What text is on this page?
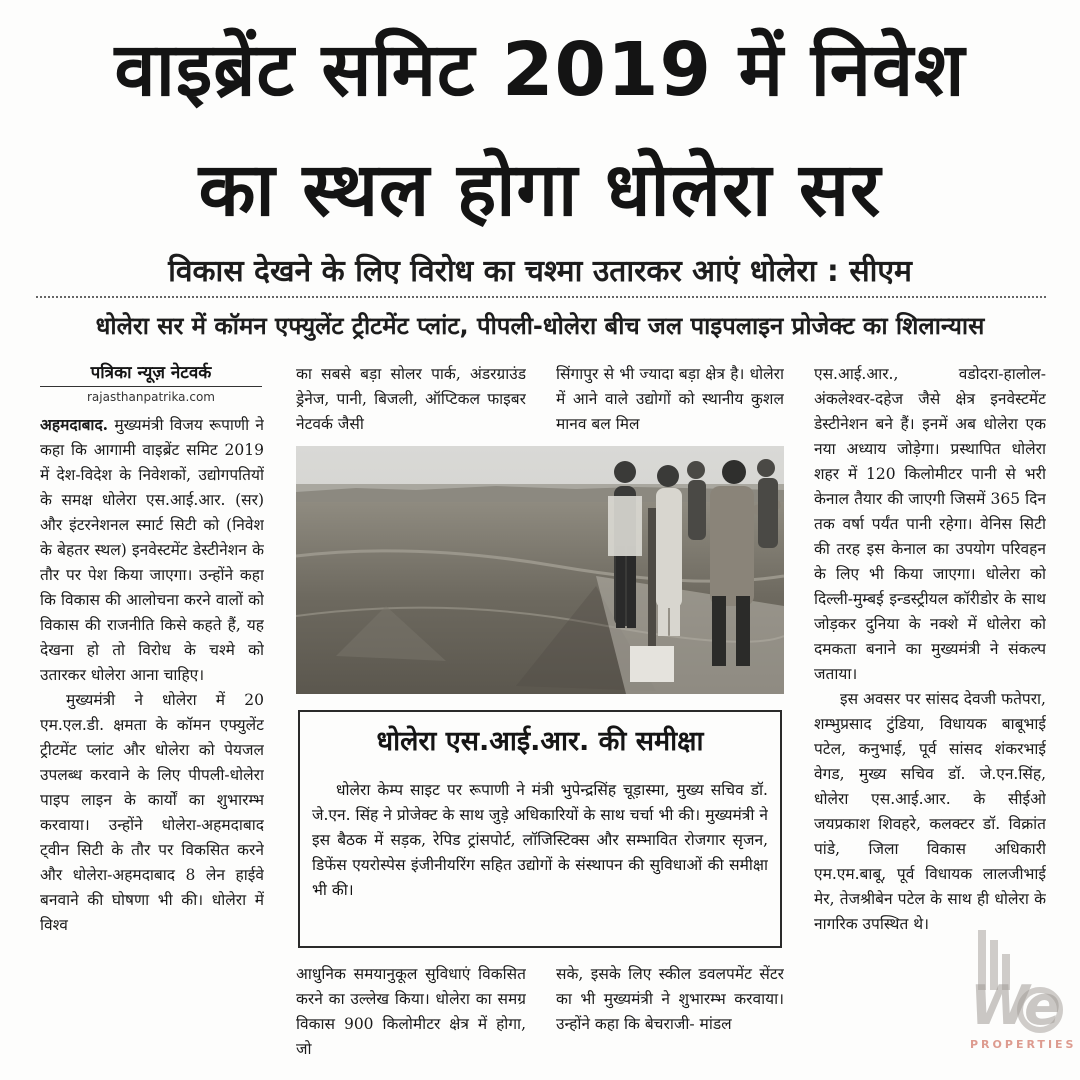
वाइब्रेंट समिट 2019 में निवेश
का स्थल होगा धोलेरा सर
विकास देखने के लिए विरोध का चश्मा उतारकर आएं धोलेरा : सीएम
धोलेरा सर में कॉमन एफ्युलेंट ट्रीटमेंट प्लांट, पीपली-धोलेरा बीच जल पाइपलाइन प्रोजेक्ट का शिलान्यास
पत्रिका न्यूज़ नेटवर्क
rajasthanpatrika.com

अहमदाबाद. मुख्यमंत्री विजय रूपाणी ने कहा कि आगामी वाइब्रेंट समिट 2019 में देश-विदेश के निवेशकों, उद्योगपतियों के समक्ष धोलेरा एस.आई.आर. (सर) और इंटरनेशनल स्मार्ट सिटी को (निवेश के बेहतर स्थल) इनवेस्टमेंट डेस्टीनेशन के तौर पर पेश किया जाएगा। उन्होंने कहा कि विकास की आलोचना करने वालों को विकास की राजनीति किसे कहते हैं, यह देखना हो तो विरोध के चश्मे को उतारकर धोलेरा आना चाहिए।

मुख्यमंत्री ने धोलेरा में 20 एम.एल.डी. क्षमता के कॉमन एफ्युलेंट ट्रीटमेंट प्लांट और धोलेरा को पेयजल उपलब्ध करवाने के लिए पीपली-धोलेरा पाइप लाइन के कार्यों का शुभारम्भ करवाया। उन्होंने धोलेरा-अहमदाबाद ट्वीन सिटी के तौर पर विकसित करने और धोलेरा-अहमदाबाद 8 लेन हाईवे बनवाने की घोषणा भी की। धोलेरा में विश्व

का सबसे बड़ा सोलर पार्क, अंडरग्राउंड ड्रेनेज, पानी, बिजली, ऑप्टिकल फाइबर नेटवर्क जैसी
सिंगापुर से भी ज्यादा बड़ा क्षेत्र है। धोलेरा में आने वाले उद्योगों को स्थानीय कुशल मानव बल मिल
धोलेरा एस.आई.आर. की समीक्षा
धोलेरा केम्प साइट पर रूपाणी ने मंत्री भुपेन्द्रसिंह चूड़ास्मा, मुख्य सचिव डॉ. जे.एन. सिंह ने प्रोजेक्ट के साथ जुड़े अधिकारियों के साथ चर्चा भी की। मुख्यमंत्री ने इस बैठक में सड़क, रेपिड ट्रांसपोर्ट, लॉजिस्टिक्स और सम्भावित रोजगार सृजन, डिफेंस एयरोस्पेस इंजीनीयरिंग सहित उद्योगों के संस्थापन की सुविधाओं की समीक्षा भी की।
आधुनिक समयानुकूल सुविधाएं विकसित करने का उल्लेख किया। धोलेरा का समग्र विकास 900 किलोमीटर क्षेत्र में होगा, जो
सके, इसके लिए स्कील डवलपमेंट सेंटर का भी मुख्यमंत्री ने शुभारम्भ करवाया। उन्होंने कहा कि बेचराजी- मांडल

एस.आई.आर., वडोदरा-हालोल-अंकलेश्वर-दहेज जैसे क्षेत्र इनवेस्टमेंट डेस्टीनेशन बने हैं। इनमें अब धोलेरा एक नया अध्याय जोड़ेगा। प्रस्थापित धोलेरा शहर में 120 किलोमीटर पानी से भरी केनाल तैयार की जाएगी जिसमें 365 दिन तक वर्षा पर्यंत पानी रहेगा। वेनिस सिटी की तरह इस केनाल का उपयोग परिवहन के लिए भी किया जाएगा। धोलेरा को दिल्ली-मुम्बई इन्डस्ट्रीयल कॉरीडोर के साथ जोड़कर दुनिया के नक्शे में धोलेरा को दमकता बनाने का मुख्यमंत्री ने संकल्प जताया।

इस अवसर पर सांसद देवजी फतेपरा, शम्भुप्रसाद टुंडिया, विधायक बाबूभाई पटेल, कनुभाई, पूर्व सांसद शंकरभाई वेगड, मुख्य सचिव डॉ. जे.एन.सिंह, धोलेरा एस.आई.आर. के सीईओ जयप्रकाश शिवहरे, कलक्टर डॉ. विक्रांत पांडे, जिला विकास अधिकारी एम.एम.बाबू, पूर्व विधायक लालजीभाई मेर, तेजश्रीबेन पटेल के साथ ही धोलेरा के नागरिक उपस्थित थे।

We
PROPERTIES
